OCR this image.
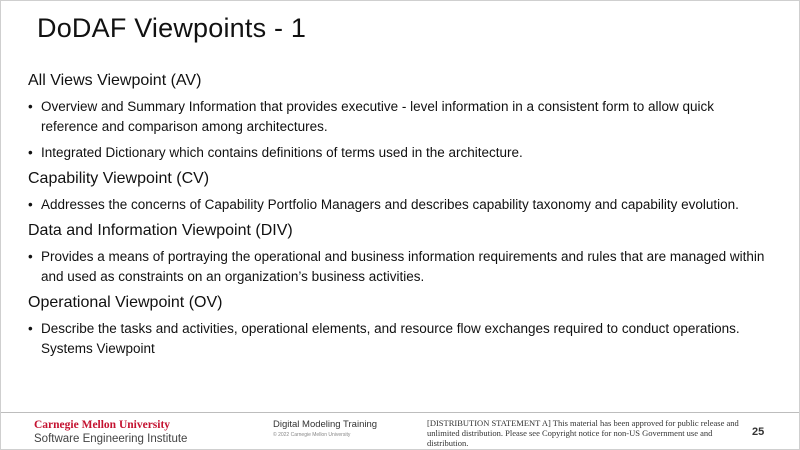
DoDAF Viewpoints - 1
All Views Viewpoint (AV)
• Overview and Summary Information that provides executive - level information in a consistent form to allow quick reference and comparison among architectures.
• Integrated Dictionary which contains definitions of terms used in the architecture.
Capability Viewpoint (CV)
• Addresses the concerns of Capability Portfolio Managers and describes capability taxonomy and capability evolution.
Data and Information Viewpoint (DIV)
• Provides a means of portraying the operational and business information requirements and rules that are managed within and used as constraints on an organization’s business activities.
Operational Viewpoint (OV)
• Describe the tasks and activities, operational elements, and resource flow exchanges required to conduct operations. Systems Viewpoint
Carnegie Mellon University
Software Engineering Institute
Digital Modeling Training
© 2022 Carnegie Mellon University
[DISTRIBUTION STATEMENT A] This material has been approved for public release and unlimited distribution. Please see Copyright notice for non-US Government use and distribution.
25
